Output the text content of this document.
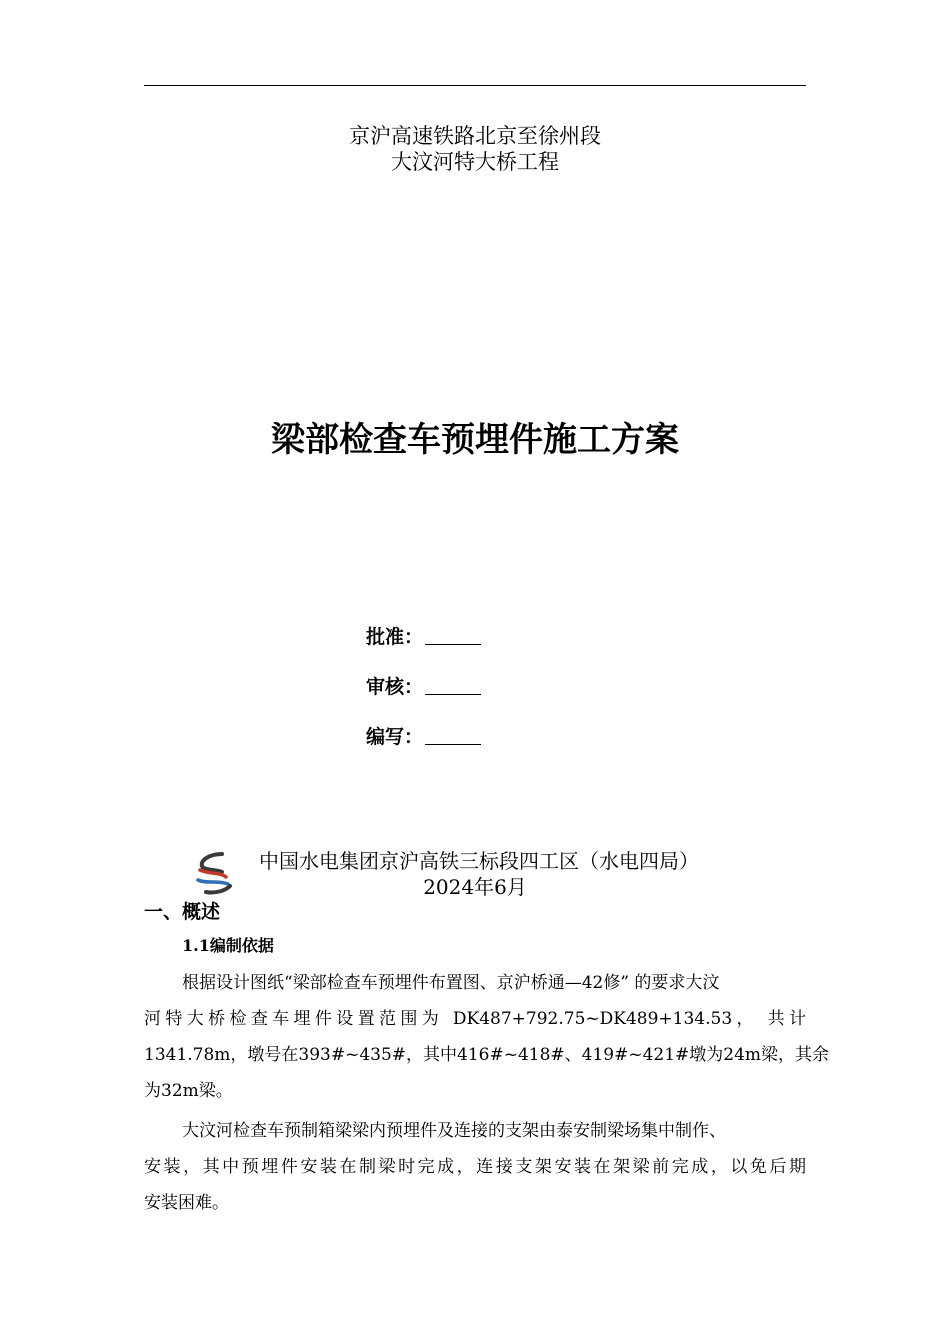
京沪高速铁路北京至徐州段
大汶河特大桥工程
梁部检查车预埋件施工方案
批准：
审核：
编写：
中国水电集团京沪高铁三标段四工区（水电四局）
2024年6月
一、概述
1.1编制依据
根据设计图纸“梁部检查车预埋件布置图、京沪桥通—42修” 的要求大汶
河特大桥检查车埋件设置范围为 DK487+792.75~DK489+134.53， 共计
1341.78m，墩号在393#~435#，其中416#~418#、419#~421#墩为24m梁，其余
为32m梁。
大汶河检查车预制箱梁梁内预埋件及连接的支架由泰安制梁场集中制作、
安装，其中预埋件安装在制梁时完成，连接支架安装在架梁前完成，以免后期
安装困难。
